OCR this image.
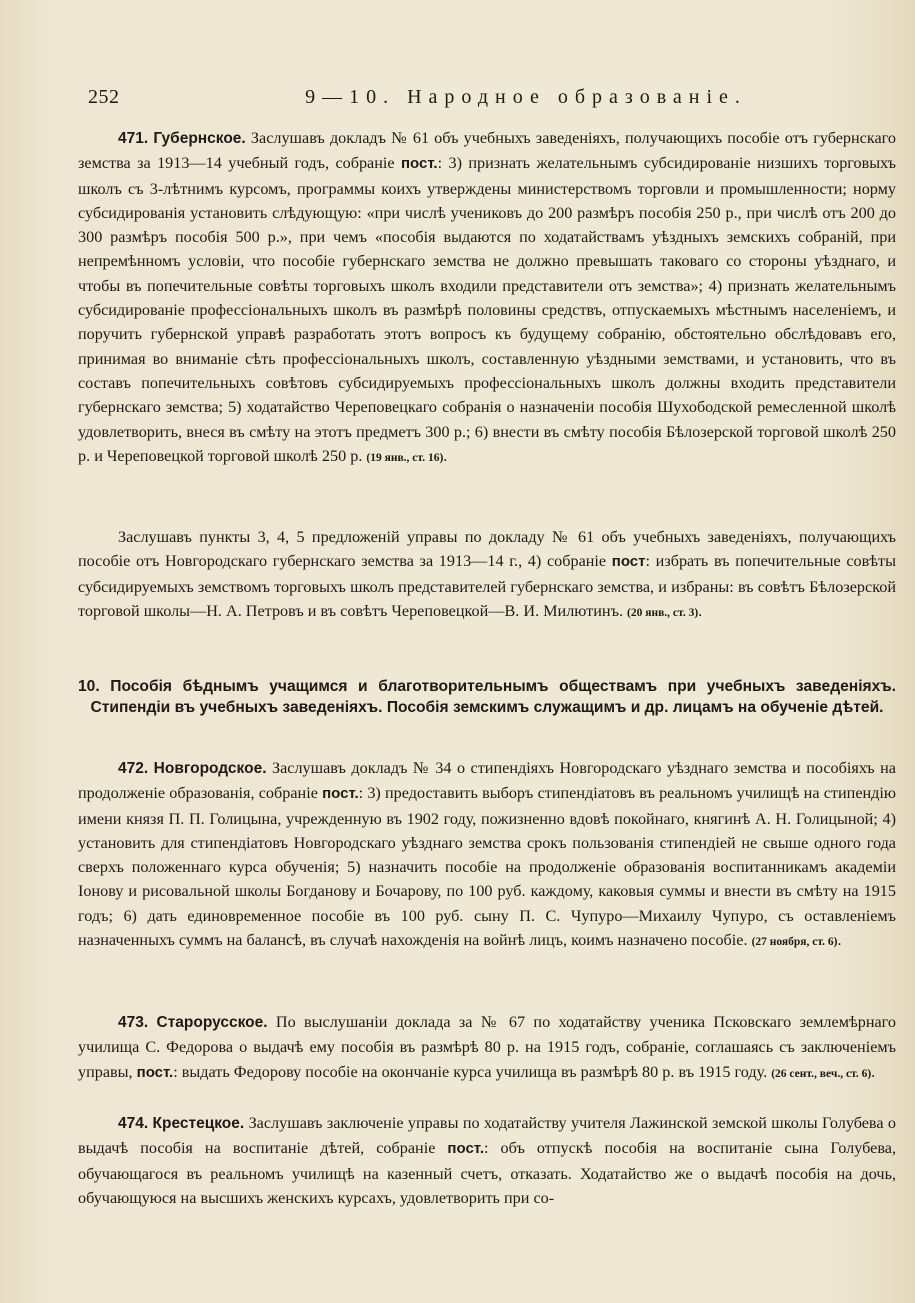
252	9—10. Народное образованіе.

471. Губернское. Заслушавъ докладъ № 61 объ учебныхъ заведеніяхъ, получающихъ пособіе отъ губернскаго земства за 1913—14 учебный годъ, собраніе пост.: 3) признать желательнымъ субсидированіе низшихъ торговыхъ школъ съ 3-лѣтнимъ курсомъ, программы коихъ утверждены министерствомъ торговли и промышленности; норму субсидированія установить слѣдующую: «при числѣ учениковъ до 200 размѣръ пособія 250 р., при числѣ отъ 200 до 300 размѣръ пособія 500 р.», при чемъ «пособія выдаются по ходатайствамъ уѣздныхъ земскихъ собраній, при непремѣнномъ условіи, что пособіе губернскаго земства не должно превышать таковаго со стороны уѣзднаго, и чтобы въ попечительные совѣты торговыхъ школъ входили представители отъ земства»; 4) признать желательнымъ субсидированіе профессіональныхъ школъ въ размѣрѣ половины средствъ, отпускаемыхъ мѣстнымъ населеніемъ, и поручить губернской управѣ разработать этотъ вопросъ къ будущему собранію, обстоятельно обслѣдовавъ его, принимая во вниманіе сѣть профессіональныхъ школъ, составленную уѣздными земствами, и установить, что въ составъ попечительныхъ совѣтовъ субсидируемыхъ профессіональныхъ школъ должны входить представители губернскаго земства; 5) ходатайство Череповецкаго собранія о назначеніи пособія Шухободской ремесленной школѣ удовлетворить, внеся въ смѣту на этотъ предметъ 300 р.; 6) внести въ смѣту пособія Бѣлозерской торговой школѣ 250 р. и Череповецкой торговой школѣ 250 р. (19 янв., ст. 16).

Заслушавъ пункты 3, 4, 5 предложеній управы по докладу № 61 объ учебныхъ заведеніяхъ, получающихъ пособіе отъ Новгородскаго губернскаго земства за 1913—14 г., 4) собраніе пост: избрать въ попечительные совѣты субсидируемыхъ земствомъ торговыхъ школъ представителей губернскаго земства, и избраны: въ совѣтъ Бѣлозерской торговой школы—Н. А. Петровъ и въ совѣтъ Череповецкой—В. И. Милютинъ. (20 янв., ст. 3).

10. Пособія бѣднымъ учащимся и благотворительнымъ обществамъ при учебныхъ заведеніяхъ. Стипендіи въ учебныхъ заведеніяхъ. Пособія земскимъ служащимъ и др. лицамъ на обученіе дѣтей.

472. Новгородское. Заслушавъ докладъ № 34 о стипендіяхъ Новгородскаго уѣзднаго земства и пособіяхъ на продолженіе образованія, собраніе пост.: 3) предоставить выборъ стипендіатовъ въ реальномъ училищѣ на стипендію имени князя П. П. Голицына, учрежденную въ 1902 году, пожизненно вдовѣ покойнаго, княгинѣ А. Н. Голицыной; 4) установить для стипендіатовъ Новгородскаго уѣзднаго земства срокъ пользованія стипендіей не свыше одного года сверхъ положеннаго курса обученія; 5) назначить пособіе на продолженіе образованія воспитанникамъ академіи Іонову и рисовальной школы Богданову и Бочарову, по 100 руб. каждому, каковыя суммы и внести въ смѣту на 1915 годъ; 6) дать единовременное пособіе въ 100 руб. сыну П. С. Чупуро—Михаилу Чупуро, съ оставленіемъ назначенныхъ суммъ на балансѣ, въ случаѣ нахожденія на войнѣ лицъ, коимъ назначено пособіе. (27 ноября, ст. 6).

473. Старорусское. По выслушаніи доклада за № 67 по ходатайству ученика Псковскаго землемѣрнаго училища С. Федорова о выдачѣ ему пособія въ размѣрѣ 80 р. на 1915 годъ, собраніе, соглашаясь съ заключеніемъ управы, пост.: выдать Федорову пособіе на окончаніе курса училища въ размѣрѣ 80 р. въ 1915 году. (26 сент., веч., ст. 6).

474. Крестецкое. Заслушавъ заключеніе управы по ходатайству учителя Лажинской земской школы Голубева о выдачѣ пособія на воспитаніе дѣтей, собраніе пост.: объ отпускѣ пособія на воспитаніе сына Голубева, обучающагося въ реальномъ училищѣ на казенный счетъ, отказать. Ходатайство же о выдачѣ пособія на дочь, обучающуюся на высшихъ женскихъ курсахъ, удовлетворить при со-
